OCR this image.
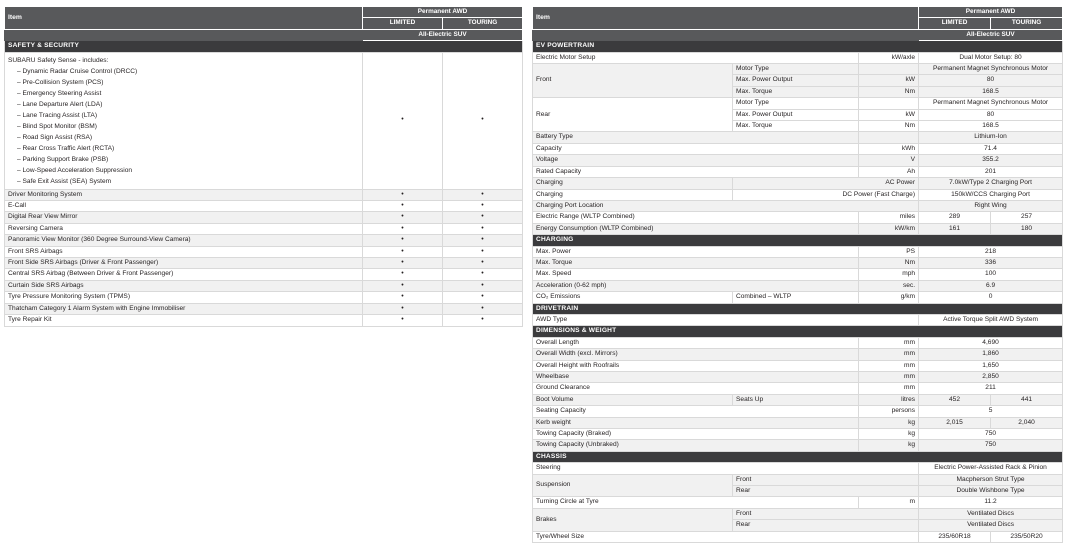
Item	Permanent AWD	
	LIMITED	TOURING
	All-Electric SUV	
SAFETY & SECURITY		

SUBARU Safety Sense - includes:
– Dynamic Radar Cruise Control (DRCC)
– Pre-Collision System (PCS)
– Emergency Steering Assist
– Lane Departure Alert (LDA)
– Lane Tracing Assist (LTA)
– Blind Spot Monitor (BSM)
– Road Sign Assist (RSA)
– Rear Cross Traffic Alert (RCTA)
– Parking Support Brake (PSB)
– Low-Speed Acceleration Suppression
– Safe Exit Assist (SEA) System
	•	•
Driver Monitoring System	•	•
E-Call	•	•
Digital Rear View Mirror	•	•
Reversing Camera	•	•
Panoramic View Monitor (360 Degree Surround-View Camera)	•	•
Front SRS Airbags	•	•
Front Side SRS Airbags (Driver & Front Passenger)	•	•
Central SRS Airbag (Between Driver & Front Passenger)	•	•
Curtain Side SRS Airbags	•	•
Tyre Pressure Monitoring System (TPMS)	•	•
Thatcham Category 1 Alarm System with Engine Immobiliser	•	•
Tyre Repair Kit	•	•
Item			Permanent AWD	
			LIMITED	TOURING
			All-Electric SUV	
EV POWERTRAIN				
Electric Motor Setup		kW/axle	Dual Motor Setup: 80	
Front	Motor Type		Permanent Magnet Synchronous Motor	
	Max. Power Output	kW	80	
	Max. Torque	Nm	168.5	
Rear	Motor Type		Permanent Magnet Synchronous Motor	
	Max. Power Output	kW	80	
	Max. Torque	Nm	168.5	
Battery Type			Lithium-Ion	
Capacity		kWh	71.4	
Voltage		V	355.2	
Rated Capacity		Ah	201	
Charging	AC Power		7.0kW/Type 2 Charging Port	
Charging	DC Power (Fast Charge)		150kW/CCS Charging Port	
Charging Port Location			Right Wing	
Electric Range (WLTP Combined)		miles	289	257
Energy Consumption (WLTP Combined)		kW/km	161	180
CHARGING				
Max. Power		PS	218	
Max. Torque		Nm	336	
Max. Speed		mph	100	
Acceleration (0-62 mph)		sec.	6.9	
CO₂ Emissions	Combined – WLTP	g/km	0	
DRIVETRAIN				
AWD Type			Active Torque Split AWD System	
DIMENSIONS & WEIGHT				
Overall Length		mm	4,690	
Overall Width (excl. Mirrors)		mm	1,860	
Overall Height with Roofrails		mm	1,650	
Wheelbase		mm	2,850	
Ground Clearance		mm	211	
Boot Volume	Seats Up	litres	452	441
Seating Capacity		persons	5	
Kerb weight		kg	2,015	2,040
Towing Capacity (Braked)		kg	750	
Towing Capacity (Unbraked)		kg	750	
CHASSIS				
Steering			Electric Power-Assisted Rack & Pinion	
Suspension	Front		Macpherson Strut Type	
	Rear		Double Wishbone Type	
Turning Circle at Tyre		m	11.2	
Brakes	Front		Ventilated Discs	
	Rear		Ventilated Discs	
Tyre/Wheel Size			235/60R18	235/50R20
